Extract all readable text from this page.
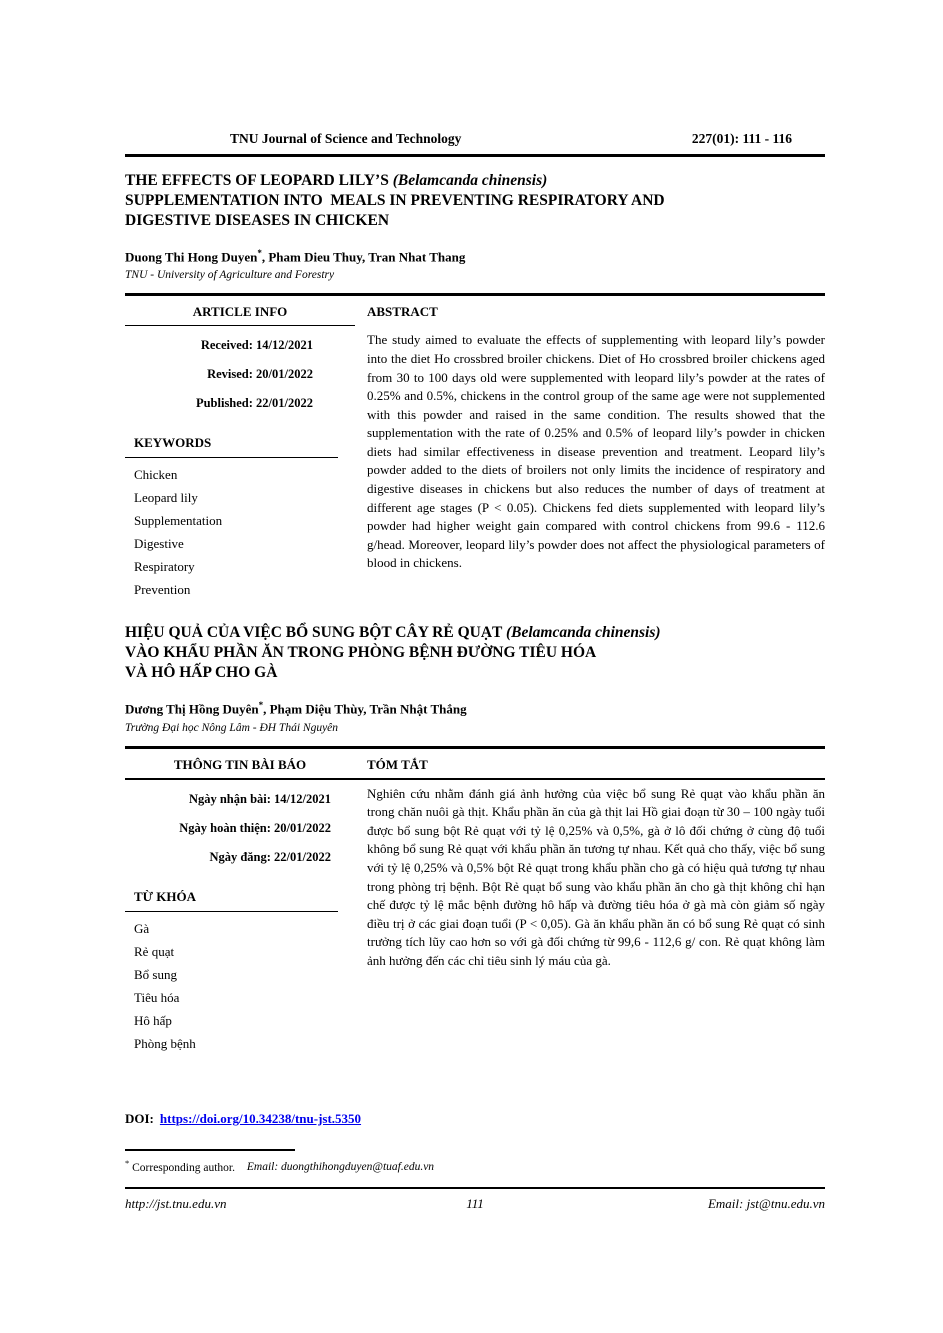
TNU Journal of Science and Technology	227(01): 111 - 116
THE EFFECTS OF LEOPARD LILY’S (Belamcanda chinensis)
SUPPLEMENTATION INTO  MEALS IN PREVENTING RESPIRATORY AND
DIGESTIVE DISEASES IN CHICKEN
Duong Thi Hong Duyen*, Pham Dieu Thuy, Tran Nhat Thang
TNU - University of Agriculture and Forestry
ARTICLE INFO	ABSTRACT
Received: 14/12/2021
Revised: 20/01/2022
Published: 22/01/2022
KEYWORDS
Chicken
Leopard lily
Supplementation
Digestive
Respiratory
Prevention
The study aimed to evaluate the effects of supplementing with leopard lily’s powder into the diet Ho crossbred broiler chickens. Diet of Ho crossbred broiler chickens aged from 30 to 100 days old were supplemented with leopard lily’s powder at the rates of 0.25% and 0.5%, chickens in the control group of the same age were not supplemented with this powder and raised in the same condition. The results showed that the supplementation with the rate of 0.25% and 0.5% of leopard lily’s powder in chicken diets had similar effectiveness in disease prevention and treatment. Leopard lily’s powder added to the diets of broilers not only limits the incidence of respiratory and digestive diseases in chickens but also reduces the number of days of treatment at different age stages (P < 0.05). Chickens fed diets supplemented with leopard lily’s powder had higher weight gain compared with control chickens from 99.6 - 112.6 g/head. Moreover, leopard lily’s powder does not affect the physiological parameters of blood in chickens.
HIỆU QUẢ CỦA VIỆC BỔ SUNG BỘT CÂY RẺ QUẠT (Belamcanda chinensis)
VÀO KHẨU PHẦN ĂN TRONG PHÒNG BỆNH ĐƯỜNG TIÊU HÓA
VÀ HÔ HẤP CHO GÀ
Dương Thị Hồng Duyên*, Phạm Diệu Thùy, Trần Nhật Thắng
Trường Đại học Nông Lâm - ĐH Thái Nguyên
THÔNG TIN BÀI BÁO	TÓM TẮT
Ngày nhận bài: 14/12/2021
Ngày hoàn thiện: 20/01/2022
Ngày đăng: 22/01/2022
TỪ KHÓA
Gà
Rẻ quạt
Bổ sung
Tiêu hóa
Hô hấp
Phòng bệnh
Nghiên cứu nhằm đánh giá ảnh hưởng của việc bổ sung Rẻ quạt vào khẩu phần ăn trong chăn nuôi gà thịt. Khẩu phần ăn của gà thịt lai Hồ giai đoạn từ 30 – 100 ngày tuổi được bổ sung bột Rẻ quạt với tỷ lệ 0,25% và 0,5%, gà ở lô đối chứng ở cùng độ tuổi không bổ sung Rẻ quạt với khẩu phần ăn tương tự nhau. Kết quả cho thấy, việc bổ sung với tỷ lệ 0,25% và 0,5% bột Rẻ quạt trong khẩu phần cho gà có hiệu quả tương tự nhau trong phòng trị bệnh. Bột Rẻ quạt bổ sung vào khẩu phần ăn cho gà thịt không chỉ hạn chế được tỷ lệ mắc bệnh đường hô hấp và đường tiêu hóa ở gà mà còn giảm số ngày điều trị ở các giai đoạn tuổi (P < 0,05). Gà ăn khẩu phần ăn có bổ sung Rẻ quạt có sinh trưởng tích lũy cao hơn so với gà đối chứng từ 99,6 - 112,6 g/ con. Rẻ quạt không làm ảnh hưởng đến các chỉ tiêu sinh lý máu của gà.
DOI: https://doi.org/10.34238/tnu-jst.5350
* Corresponding author. Email: duongthihongduyen@tuaf.edu.vn
http://jst.tnu.edu.vn	111	Email: jst@tnu.edu.vn
